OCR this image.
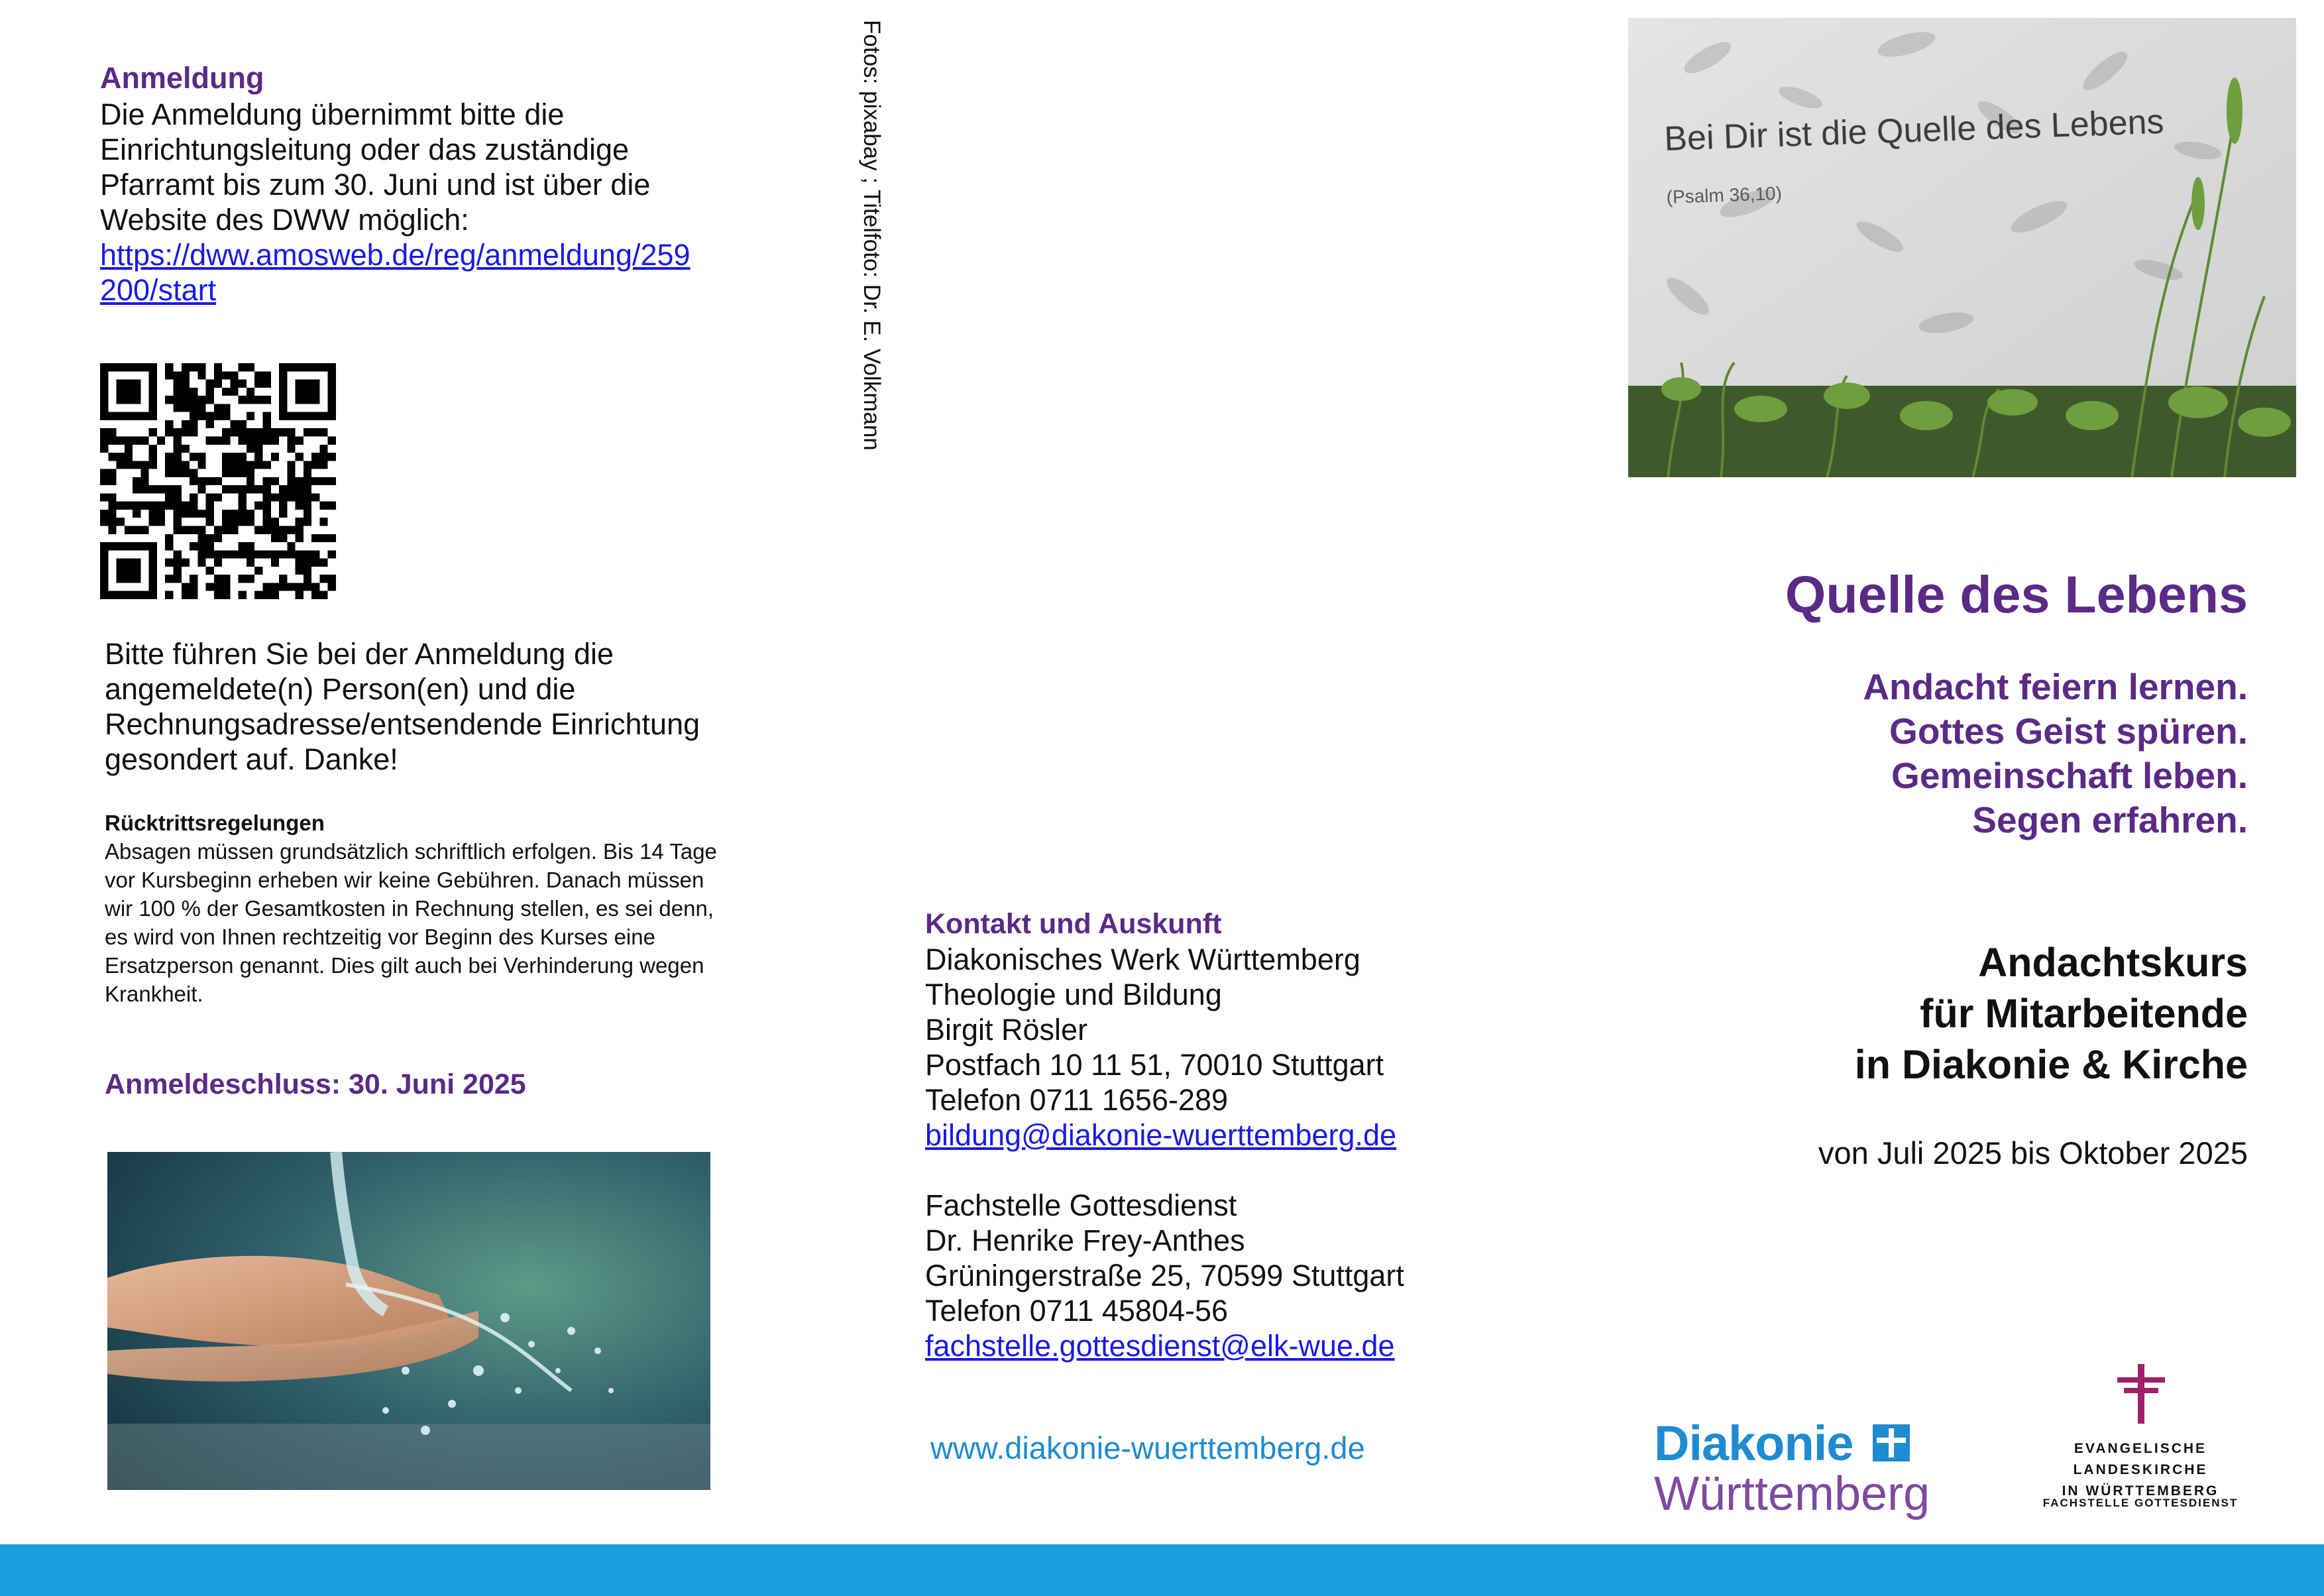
Anmeldung
Die Anmeldung übernimmt bitte die Einrichtungsleitung oder das zuständige Pfarramt bis zum 30. Juni und ist über die Website des DWW möglich:
https://dww.amosweb.de/reg/anmeldung/259200/start
Bitte führen Sie bei der Anmeldung die angemeldete(n) Person(en) und die Rechnungsadresse/entsendende Einrichtung gesondert auf. Danke!
Rücktrittsregelungen
Absagen müssen grundsätzlich schriftlich erfolgen. Bis 14 Tage vor Kursbeginn erheben wir keine Gebühren. Danach müssen wir 100 % der Gesamtkosten in Rechnung stellen, es sei denn, es wird von Ihnen rechtzeitig vor Beginn des Kurses eine Ersatzperson genannt. Dies gilt auch bei Verhinderung wegen Krankheit.
Anmeldeschluss: 30. Juni 2025
Fotos: pixabay ; Titelfoto: Dr. E. Volkmann
Kontakt und Auskunft
Diakonisches Werk Württemberg
Theologie und Bildung
Birgit Rösler
Postfach 10 11 51, 70010 Stuttgart
Telefon 0711 1656-289
bildung@diakonie-wuerttemberg.de
Fachstelle Gottesdienst
Dr. Henrike Frey-Anthes
Grüningerstraße 25, 70599 Stuttgart
Telefon 0711 45804-56
fachstelle.gottesdienst@elk-wue.de
www.diakonie-wuerttemberg.de
Bei Dir ist die Quelle des Lebens
(Psalm 36,10)
Quelle des Lebens
Andacht feiern lernen.
Gottes Geist spüren.
Gemeinschaft leben.
Segen erfahren.
Andachtskurs
für Mitarbeitende
in Diakonie & Kirche
von Juli 2025 bis Oktober 2025
Diakonie
Württemberg
EVANGELISCHE LANDESKIRCHE
IN WÜRTTEMBERG
FACHSTELLE GOTTESDIENST
